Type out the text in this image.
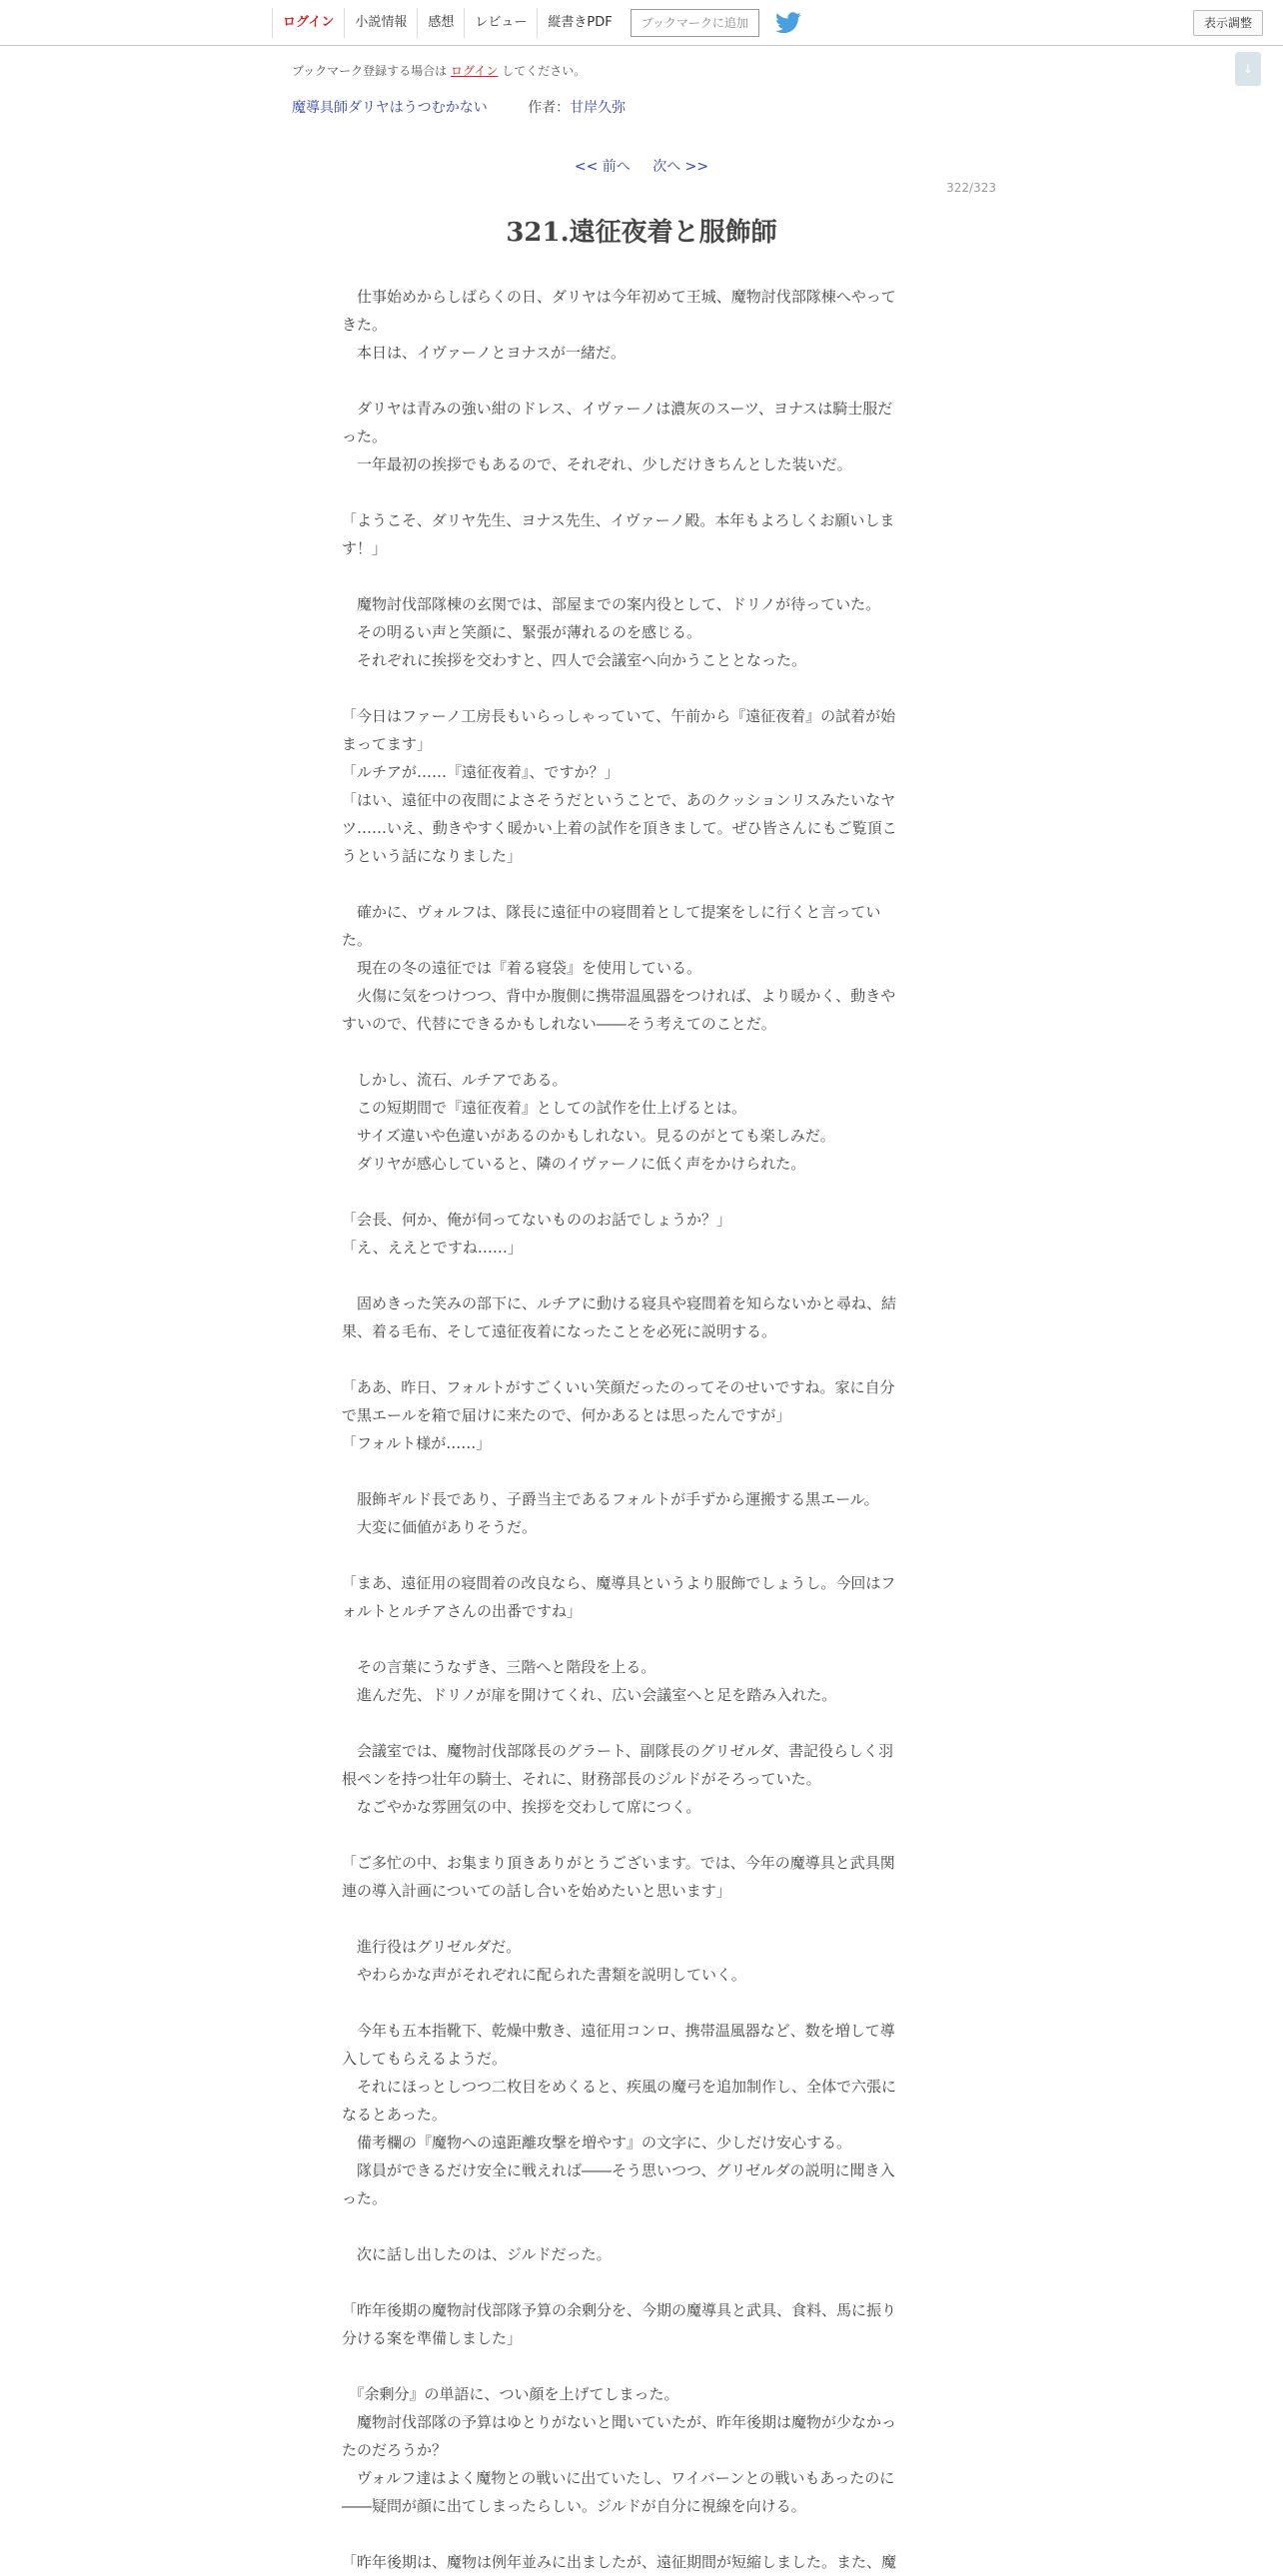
ログイン	小説情報	感想	レビュー	縦書きPDF	ブックマークに追加	表示調整
↓
ブックマーク登録する場合は ログイン してください。
魔導具師ダリヤはうつむかない	作者：甘岸久弥
<< 前へ 次へ >>
322/323
321.遠征夜着と服飾師
　仕事始めからしばらくの日、ダリヤは今年初めて王城、魔物討伐部隊棟へやって
きた。
　本日は、イヴァーノとヨナスが一緒だ。
　ダリヤは青みの強い紺のドレス、イヴァーノは濃灰のスーツ、ヨナスは騎士服だ
った。
　一年最初の挨拶でもあるので、それぞれ、少しだけきちんとした装いだ。
「ようこそ、ダリヤ先生、ヨナス先生、イヴァーノ殿。本年もよろしくお願いしま
す！」
　魔物討伐部隊棟の玄関では、部屋までの案内役として、ドリノが待っていた。
　その明るい声と笑顔に、緊張が薄れるのを感じる。
　それぞれに挨拶を交わすと、四人で会議室へ向かうこととなった。
「今日はファーノ工房長もいらっしゃっていて、午前から『遠征夜着』の試着が始
まってます」
「ルチアが……『遠征夜着』、ですか？」
「はい、遠征中の夜間によさそうだということで、あのクッションリスみたいなヤ
ツ……いえ、動きやすく暖かい上着の試作を頂きまして。ぜひ皆さんにもご覧頂こ
うという話になりました」
　確かに、ヴォルフは、隊長に遠征中の寝間着として提案をしに行くと言ってい
た。
　現在の冬の遠征では『着る寝袋』を使用している。
　火傷に気をつけつつ、背中か腹側に携帯温風器をつければ、より暖かく、動きや
すいので、代替にできるかもしれない――そう考えてのことだ。
　しかし、流石、ルチアである。
　この短期間で『遠征夜着』としての試作を仕上げるとは。
　サイズ違いや色違いがあるのかもしれない。見るのがとても楽しみだ。
　ダリヤが感心していると、隣のイヴァーノに低く声をかけられた。
「会長、何か、俺が伺ってないもののお話でしょうか？」
「え、ええとですね……」
　固めきった笑みの部下に、ルチアに動ける寝具や寝間着を知らないかと尋ね、結
果、着る毛布、そして遠征夜着になったことを必死に説明する。
「ああ、昨日、フォルトがすごくいい笑顔だったのってそのせいですね。家に自分
で黒エールを箱で届けに来たので、何かあるとは思ったんですが」
「フォルト様が……」
　服飾ギルド長であり、子爵当主であるフォルトが手ずから運搬する黒エール。
　大変に価値がありそうだ。
「まあ、遠征用の寝間着の改良なら、魔導具というより服飾でしょうし。今回はフ
ォルトとルチアさんの出番ですね」
　その言葉にうなずき、三階へと階段を上る。
　進んだ先、ドリノが扉を開けてくれ、広い会議室へと足を踏み入れた。
　会議室では、魔物討伐部隊長のグラート、副隊長のグリゼルダ、書記役らしく羽
根ペンを持つ壮年の騎士、それに、財務部長のジルドがそろっていた。
　なごやかな雰囲気の中、挨拶を交わして席につく。
「ご多忙の中、お集まり頂きありがとうございます。では、今年の魔導具と武具関
連の導入計画についての話し合いを始めたいと思います」
　進行役はグリゼルダだ。
　やわらかな声がそれぞれに配られた書類を説明していく。
　今年も五本指靴下、乾燥中敷き、遠征用コンロ、携帯温風器など、数を増して導
入してもらえるようだ。
　それにほっとしつつ二枚目をめくると、疾風の魔弓を追加制作し、全体で六張に
なるとあった。
　備考欄の『魔物への遠距離攻撃を増やす』の文字に、少しだけ安心する。
　隊員ができるだけ安全に戦えれば――そう思いつつ、グリゼルダの説明に聞き入
った。
　次に話し出したのは、ジルドだった。
「昨年後期の魔物討伐部隊予算の余剰分を、今期の魔導具と武具、食料、馬に振り
分ける案を準備しました」
　『余剰分』の単語に、つい顔を上げてしまった。
　魔物討伐部隊の予算はゆとりがないと聞いていたが、昨年後期は魔物が少なかっ
たのだろうか？
　ヴォルフ達はよく魔物との戦いに出ていたし、ワイバーンとの戦いもあったのに
――疑問が顔に出てしまったらしい。ジルドが自分に視線を向ける。
「昨年後期は、魔物は例年並みに出ましたが、遠征期間が短縮しました。また、魔
